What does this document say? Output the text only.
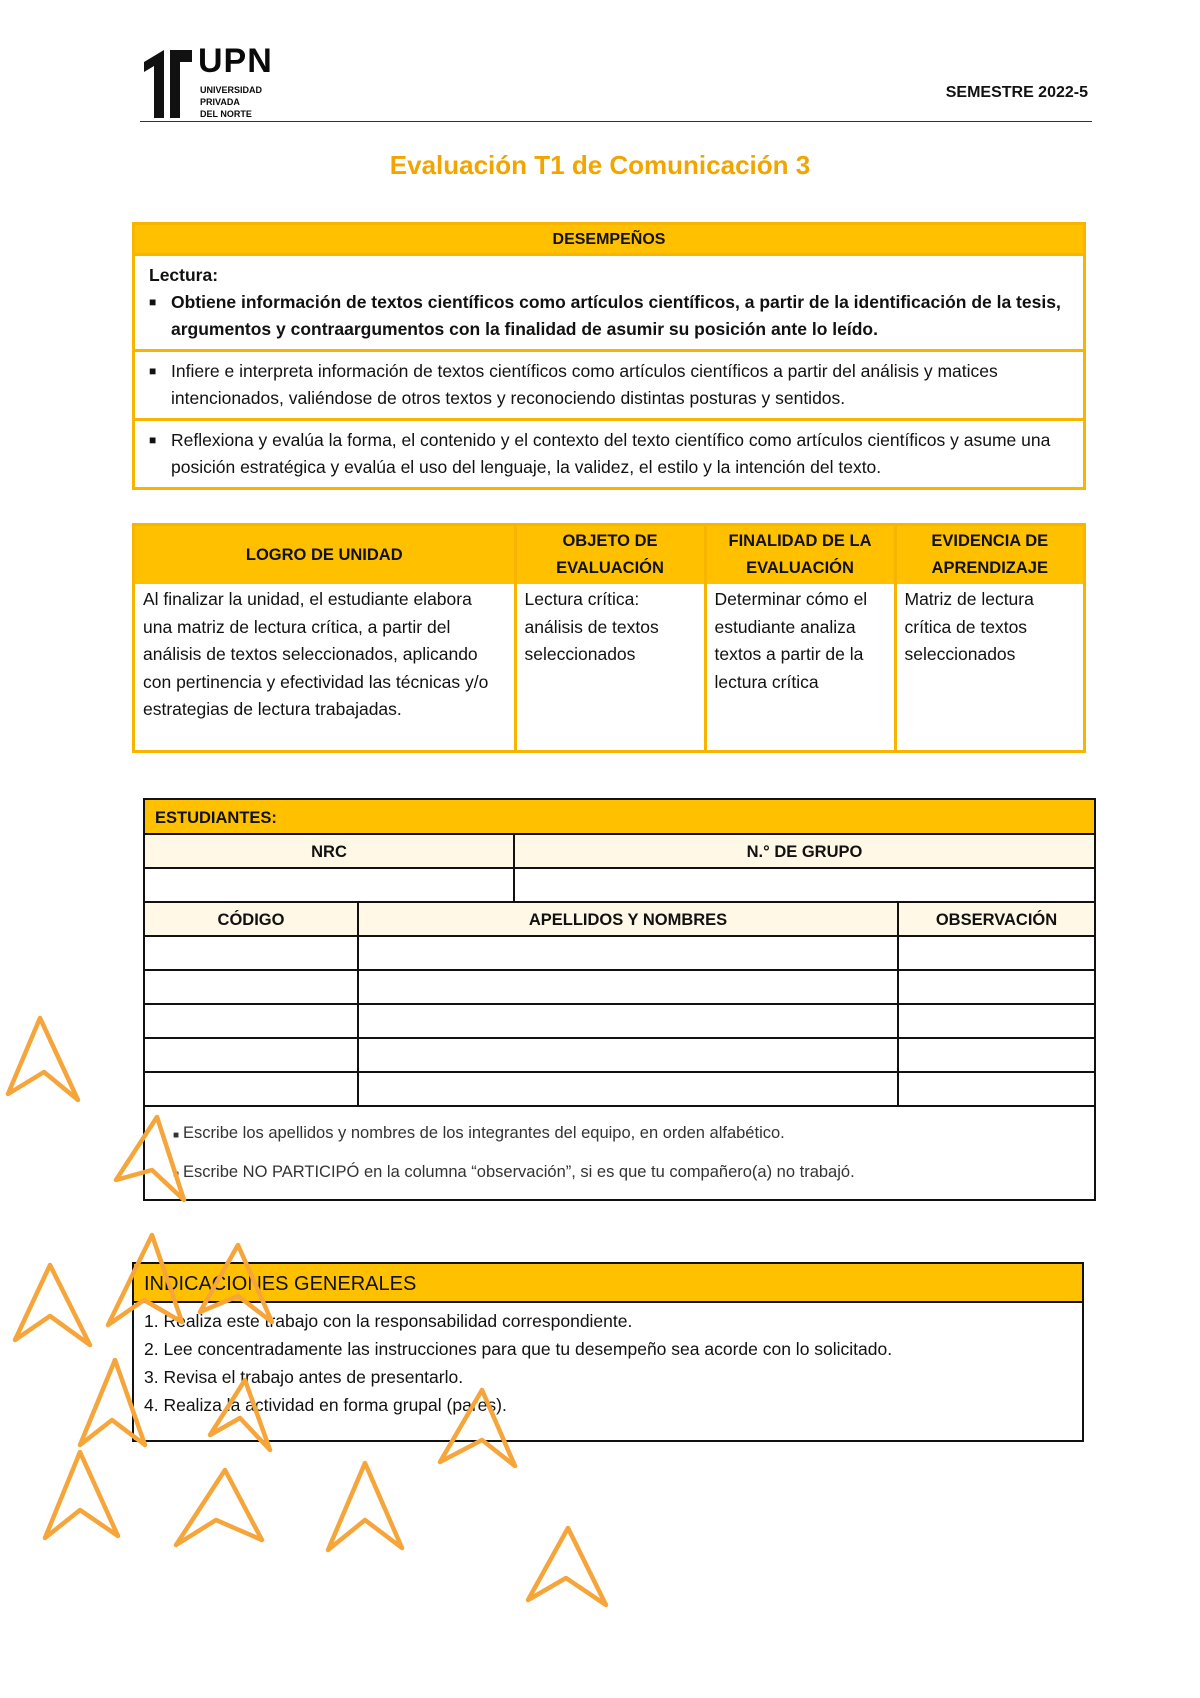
UPN
UNIVERSIDAD
PRIVADA
DEL NORTE
SEMESTRE 2022-5
Evaluación T1 de Comunicación 3
DESEMPEÑOS
Lectura:
■ Obtiene información de textos científicos como artículos científicos, a partir de la identificación de la tesis, argumentos y contraargumentos con la finalidad de asumir su posición ante lo leído.
■ Infiere e interpreta información de textos científicos como artículos científicos a partir del análisis y matices intencionados, valiéndose de otros textos y reconociendo distintas posturas y sentidos.
■ Reflexiona y evalúa la forma, el contenido y el contexto del texto científico como artículos científicos y asume una posición estratégica y evalúa el uso del lenguaje, la validez, el estilo y la intención del texto.
LOGRO DE UNIDAD	OBJETO DE EVALUACIÓN	FINALIDAD DE LA EVALUACIÓN	EVIDENCIA DE APRENDIZAJE
Al finalizar la unidad, el estudiante elabora una matriz de lectura crítica, a partir del análisis de textos seleccionados, aplicando con pertinencia y efectividad las técnicas y/o estrategias de lectura trabajadas.	Lectura crítica: análisis de textos seleccionados	Determinar cómo el estudiante analiza textos a partir de la lectura crítica	Matriz de lectura crítica de textos seleccionados
ESTUDIANTES:
NRC	N.° DE GRUPO
CÓDIGO	APELLIDOS Y NOMBRES	OBSERVACIÓN
■ Escribe los apellidos y nombres de los integrantes del equipo, en orden alfabético.
■ Escribe NO PARTICIPÓ en la columna “observación”, si es que tu compañero(a) no trabajó.
INDICACIONES GENERALES
1. Realiza este trabajo con la responsabilidad correspondiente.
2. Lee concentradamente las instrucciones para que tu desempeño sea acorde con lo solicitado.
3. Revisa el trabajo antes de presentarlo.
4. Realiza la actividad en forma grupal (pares).
